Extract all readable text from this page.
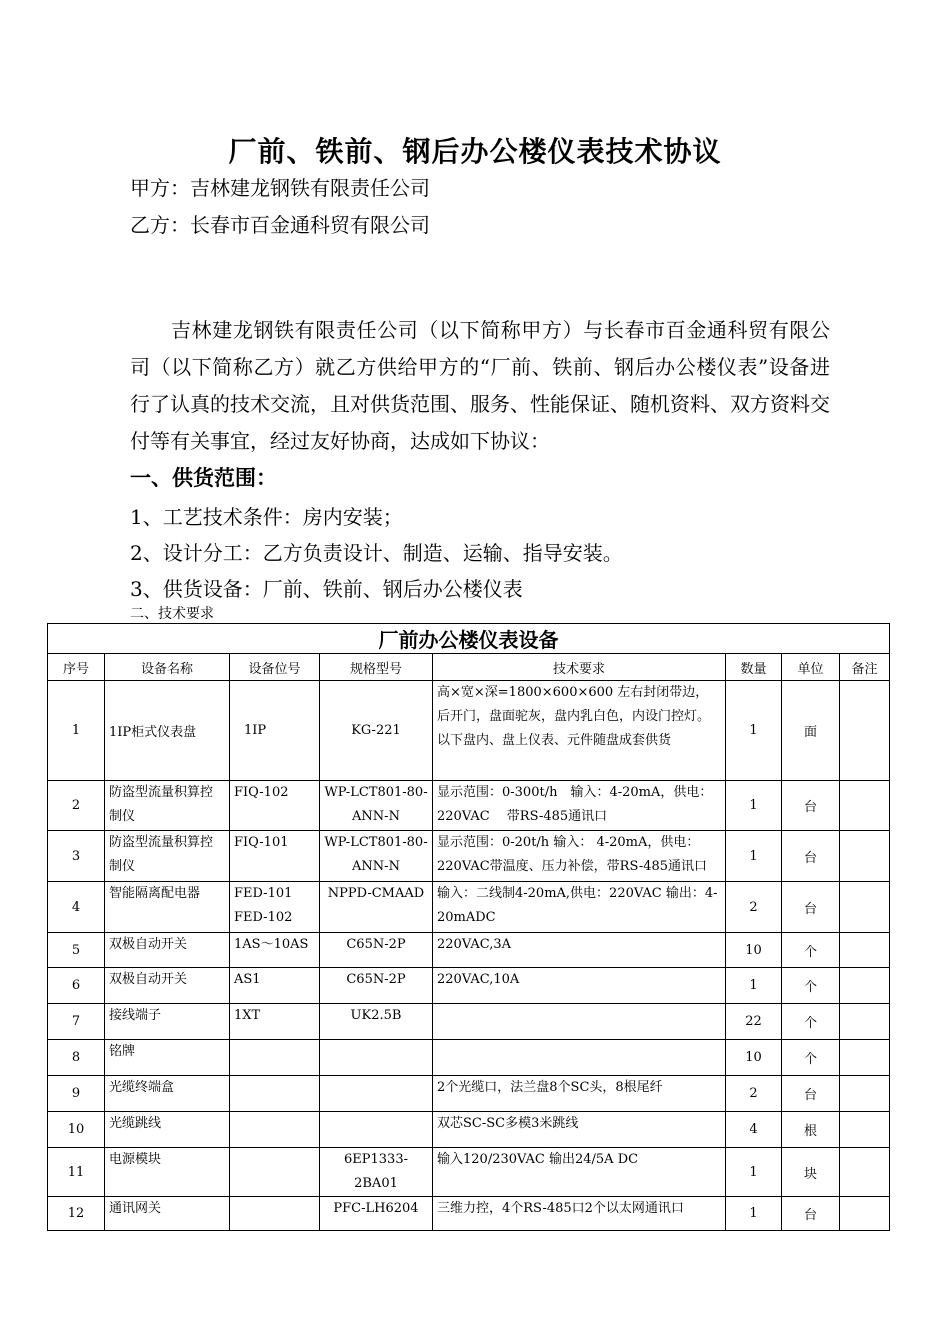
厂前、铁前、钢后办公楼仪表技术协议
甲方：吉林建龙钢铁有限责任公司
乙方：长春市百金通科贸有限公司

吉林建龙钢铁有限责任公司（以下简称甲方）与长春市百金通科贸有限公司（以下简称乙方）就乙方供给甲方的“厂前、铁前、钢后办公楼仪表”设备进行了认真的技术交流，且对供货范围、服务、性能保证、随机资料、双方资料交付等有关事宜，经过友好协商，达成如下协议：

一、供货范围：
1、工艺技术条件：房内安装；
2、设计分工：乙方负责设计、制造、运输、指导安装。
3、供货设备：厂前、铁前、钢后办公楼仪表
二、技术要求
厂前办公楼仪表设备							
序号	设备名称	设备位号	规格型号	技术要求	数量	单位	备注
1	1IP柜式仪表盘	1IP	KG-221	高×宽×深=1800×600×600 左右封闭带边，后开门，盘面驼灰，盘内乳白色，内设门控灯。以下盘内、盘上仪表、元件随盘成套供货	1	面	
2	防盗型流量积算控制仪	FIQ-102	WP-LCT801-80-ANN-N	显示范围：0-300t/h　输入：4-20mA，供电：220VAC　 带RS-485通讯口	1	台	
3	防盗型流量积算控制仪	FIQ-101	WP-LCT801-80-ANN-N	显示范围：0-20t/h 输入： 4-20mA，供电：220VAC带温度、压力补偿，带RS-485通讯口	1	台	
4	智能隔离配电器	FED-101 FED-102	NPPD-CMAAD	输入：二线制4-20mA,供电：220VAC 输出：4-20mADC	2	台	
5	双极自动开关	1AS～10AS	C65N-2P	220VAC,3A	10	个	
6	双极自动开关	AS1	C65N-2P	220VAC,10A	1	个	
7	接线端子	1XT	UK2.5B		22	个	
8	铭牌				10	个	
9	光缆终端盒			2个光缆口，法兰盘8个SC头，8根尾纤	2	台	
10	光缆跳线			双芯SC-SC多模3米跳线	4	根	
11	电源模块		6EP1333-2BA01	输入120/230VAC 输出24/5A DC	1	块	
12	通讯网关		PFC-LH6204	三维力控，4个RS-485口2个以太网通讯口	1	台	
